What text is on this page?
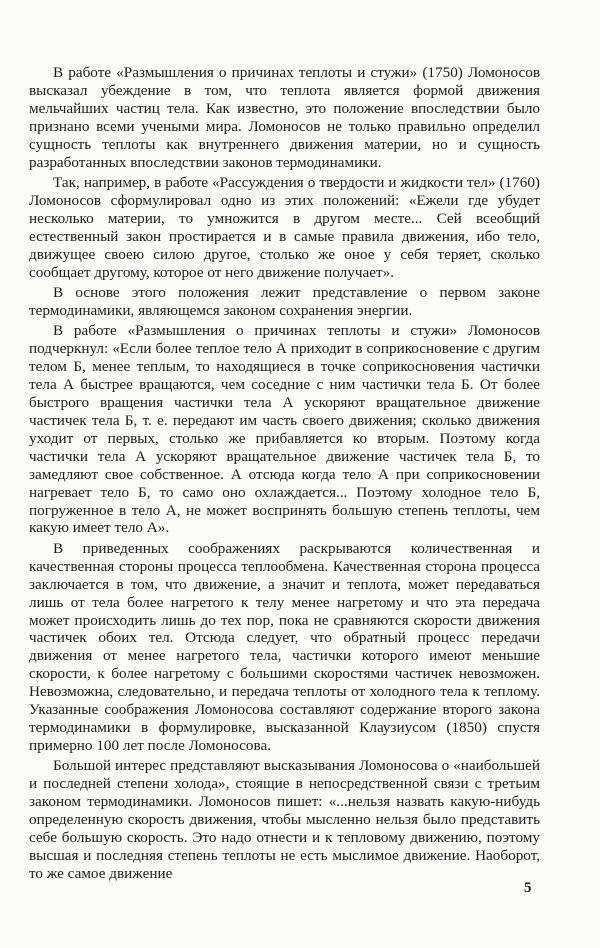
В работе «Размышления о причинах теплоты и стужи» (1750) Ломоносов высказал убеждение в том, что теплота является формой движения мельчайших частиц тела. Как известно, это положение впоследствии было признано всеми учеными мира. Ломоносов не только правильно определил сущность теплоты как внутреннего движения материи, но и сущность разработанных впоследствии законов термодинамики.

Так, например, в работе «Рассуждения о твердости и жидкости тел» (1760) Ломоносов сформулировал одно из этих положений: «Ежели где убудет несколько материи, то умножится в другом месте... Сей всеобщий естественный закон простирается и в самые правила движения, ибо тело, движущее своею силою другое, столько же оное у себя теряет, сколько сообщает другому, которое от него движение получает».

В основе этого положения лежит представление о первом законе термодинамики, являющемся законом сохранения энергии.

В работе «Размышления о причинах теплоты и стужи» Ломоносов подчеркнул: «Если более теплое тело А приходит в соприкосновение с другим телом Б, менее теплым, то находящиеся в точке соприкосновения частички тела А быстрее вращаются, чем соседние с ним частички тела Б. От более быстрого вращения частички тела А ускоряют вращательное движение частичек тела Б, т. е. передают им часть своего движения; сколько движения уходит от первых, столько же прибавляется ко вторым. Поэтому когда частички тела А ускоряют вращательное движение частичек тела Б, то замедляют свое собственное. А отсюда когда тело А при соприкосновении нагревает тело Б, то само оно охлаждается... Поэтому холодное тело Б, погруженное в тело А, не может воспринять большую степень теплоты, чем какую имеет тело А».

В приведенных соображениях раскрываются количественная и качественная стороны процесса теплообмена. Качественная сторона процесса заключается в том, что движение, а значит и теплота, может передаваться лишь от тела более нагретого к телу менее нагретому и что эта передача может происходить лишь до тех пор, пока не сравняются скорости движения частичек обоих тел. Отсюда следует, что обратный процесс передачи движения от менее нагретого тела, частички которого имеют меньшие скорости, к более нагретому с большими скоростями частичек невозможен. Невозможна, следовательно, и передача теплоты от холодного тела к теплому. Указанные соображения Ломоносова составляют содержание второго закона термодинамики в формулировке, высказанной Клаузиусом (1850) спустя примерно 100 лет после Ломоносова.

Большой интерес представляют высказывания Ломоносова о «наибольшей и последней степени холода», стоящие в непосредственной связи с третьим законом термодинамики. Ломоносов пишет: «...нельзя назвать какую-нибудь определенную скорость движения, чтобы мысленно нельзя было представить себе большую скорость. Это надо отнести и к тепловому движению, поэтому высшая и последняя степень теплоты не есть мыслимое движение. Наоборот, то же самое движение

5
